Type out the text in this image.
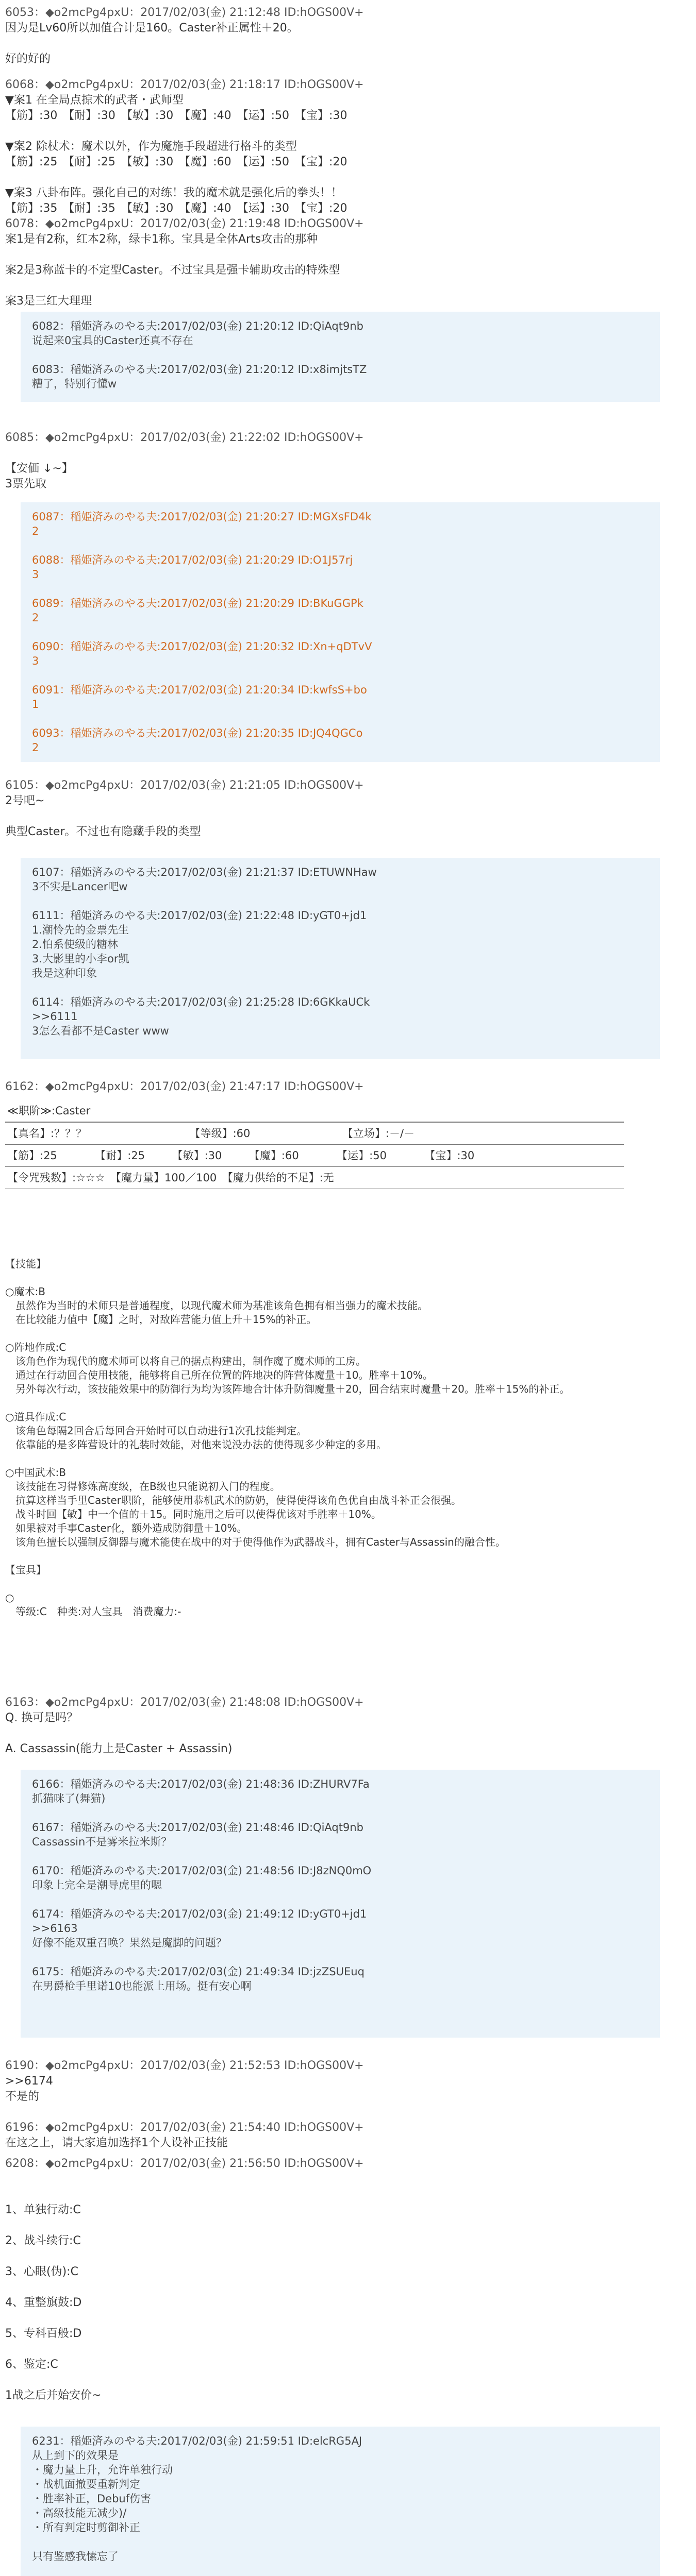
6053：◆o2mcPg4pxU：2017/02/03(金) 21:12:48 ID:hOGS00V+
因为是Lv60所以加值合计是160。Caster补正属性＋20。

好的好的
6068：◆o2mcPg4pxU：2017/02/03(金) 21:18:17 ID:hOGS00V+
▼案1 在全局点掠术的武者・武师型
【筋】:30　【耐】:30　【敏】:30　【魔】:40　【运】:50　【宝】:30

▼案2 除杖术：魔术以外，作为魔施手段超进行格斗的类型
【筋】:25　【耐】:25　【敏】:30　【魔】:60　【运】:50　【宝】:20

▼案3 八卦布阵。强化自己的对练！我的魔术就是强化后的拳头！！
【筋】:35　【耐】:35　【敏】:30　【魔】:40　【运】:30　【宝】:20
6078：◆o2mcPg4pxU：2017/02/03(金) 21:19:48 ID:hOGS00V+
案1是有2称，红本2称，绿卡1称。宝具是全体Arts攻击的那种

案2是3称蓝卡的不定型Caster。不过宝具是强卡辅助攻击的特殊型

案3是三红大理理
6082：稲姫済みのやる夫:2017/02/03(金) 21:20:12 ID:QiAqt9nb
说起来0宝具的Caster还真不存在

6083：稲姫済みのやる夫:2017/02/03(金) 21:20:12 ID:x8imjtsTZ
糟了，特别行懂w
6085：◆o2mcPg4pxU：2017/02/03(金) 21:22:02 ID:hOGS00V+

【安価 ↓~】
3票先取
6087：稲姫済みのやる夫:2017/02/03(金) 21:20:27 ID:MGXsFD4k
2

6088：稲姫済みのやる夫:2017/02/03(金) 21:20:29 ID:O1J57rj
3

6089：稲姫済みのやる夫:2017/02/03(金) 21:20:29 ID:BKuGGPk
2

6090：稲姫済みのやる夫:2017/02/03(金) 21:20:32 ID:Xn+qDTvV
3

6091：稲姫済みのやる夫:2017/02/03(金) 21:20:34 ID:kwfsS+bo
1

6093：稲姫済みのやる夫:2017/02/03(金) 21:20:35 ID:JQ4QGCo
2
6105：◆o2mcPg4pxU：2017/02/03(金) 21:21:05 ID:hOGS00V+
2号吧~

典型Caster。不过也有隐藏手段的类型
6107：稲姫済みのやる夫:2017/02/03(金) 21:21:37 ID:ETUWNHaw
3不实是Lancer吧w

6111：稲姫済みのやる夫:2017/02/03(金) 21:22:48 ID:yGT0+jd1
1.潮怜先的金票先生
2.怕系使级的糖林
3.大影里的小李or凯
我是这种印象

6114：稲姫済みのやる夫:2017/02/03(金) 21:25:28 ID:6GKkaUCk
>>6111
3怎么看都不是Caster www
6162：◆o2mcPg4pxU：2017/02/03(金) 21:47:17 ID:hOGS00V+
≪职阶≫:Caster
【真名】:？？？　　　　　　　　　　【等级】:60　　　　　　　　　【立场】:－/－
【筋】:25　　　　【耐】:25　　　【敏】:30　　　【魔】:60　　　　【运】:50　　　　【宝】:30
【令咒残数】:☆☆☆　【魔力量】100／100　【魔力供给的不足】:无
【技能】

○魔术:B
　虽然作为当时的术师只是普通程度，以现代魔术师为基准该角色拥有相当强力的魔术技能。
　在比较能力值中【魔】之时，对敌阵营能力值上升＋15%的补正。

○阵地作成:C
　该角色作为现代的魔术师可以将自己的据点构建出，制作魔了魔术师的工房。
　通过在行动回合使用技能，能够将自己所在位置的阵地决的阵营体魔量＋10。胜率＋10%。
　另外每次行动，该技能效果中的防御行为均为该阵地合计体升防御魔量＋20，回合结束时魔量＋20。胜率＋15%的补正。

○道具作成:C
　该角色每隔2回合后每回合开始时可以自动进行1次孔技能判定。
　依靠能的是多阵营设计的礼装时效能，对他来说没办法的使得现多少种定的多用。

○中国武术:B
　该技能在习得修炼高度级，在B级也只能说初入门的程度。
　抗算这样当手里Caster职阶，能够使用恭机武术的防奶，使得使得该角色优自由战斗补正会很强。
　战斗时回【敏】中一个值的＋15。同时施用之后可以使得优该对手胜率＋10%。
　如果被对手事Caster化，额外造成防御量＋10%。
　该角色擅长以强制反御器与魔术能使在战中的对于使得他作为武器战斗，拥有Caster与Assassin的融合性。

【宝具】

○
　等级:C　种类:对人宝具　消费魔力:-
6163：◆o2mcPg4pxU：2017/02/03(金) 21:48:08 ID:hOGS00V+
Q. 换可是吗？

A. Cassassin(能力上是Caster + Assassin)
6166：稲姫済みのやる夫:2017/02/03(金) 21:48:36 ID:ZHURV7Fa
抓猫咪了(舞猫)

6167：稲姫済みのやる夫:2017/02/03(金) 21:48:46 ID:QiAqt9nb
Cassassin不是雾米拉米斯？

6170：稲姫済みのやる夫:2017/02/03(金) 21:48:56 ID:J8zNQ0mO
印象上完全是潮导虎里的嗯

6174：稲姫済みのやる夫:2017/02/03(金) 21:49:12 ID:yGT0+jd1
>>6163
好像不能双重召唤？果然是魔脚的问题？

6175：稲姫済みのやる夫:2017/02/03(金) 21:49:34 ID:jzZSUEuq
在男爵枪手里诺10也能派上用场。挺有安心啊
6190：◆o2mcPg4pxU：2017/02/03(金) 21:52:53 ID:hOGS00V+
>>6174
不是的
6196：◆o2mcPg4pxU：2017/02/03(金) 21:54:40 ID:hOGS00V+
在这之上，请大家追加选择1个人设补正技能
6208：◆o2mcPg4pxU：2017/02/03(金) 21:56:50 ID:hOGS00V+

1、单独行动:C

2、战斗续行:C

3、心眼(伪):C

4、重整旗鼓:D

5、专科百般:D

6、鉴定:C

1战之后并始安价~
6231：稲姫済みのやる夫:2017/02/03(金) 21:59:51 ID:elcRG5AJ
从上到下的效果是
・魔力量上升，允许单独行动
・战机面撤要重新判定
・胜率补正，Debuf伤害
・高级技能无减少)/
・所有判定时剪御补正

只有鉴感我愫忘了
